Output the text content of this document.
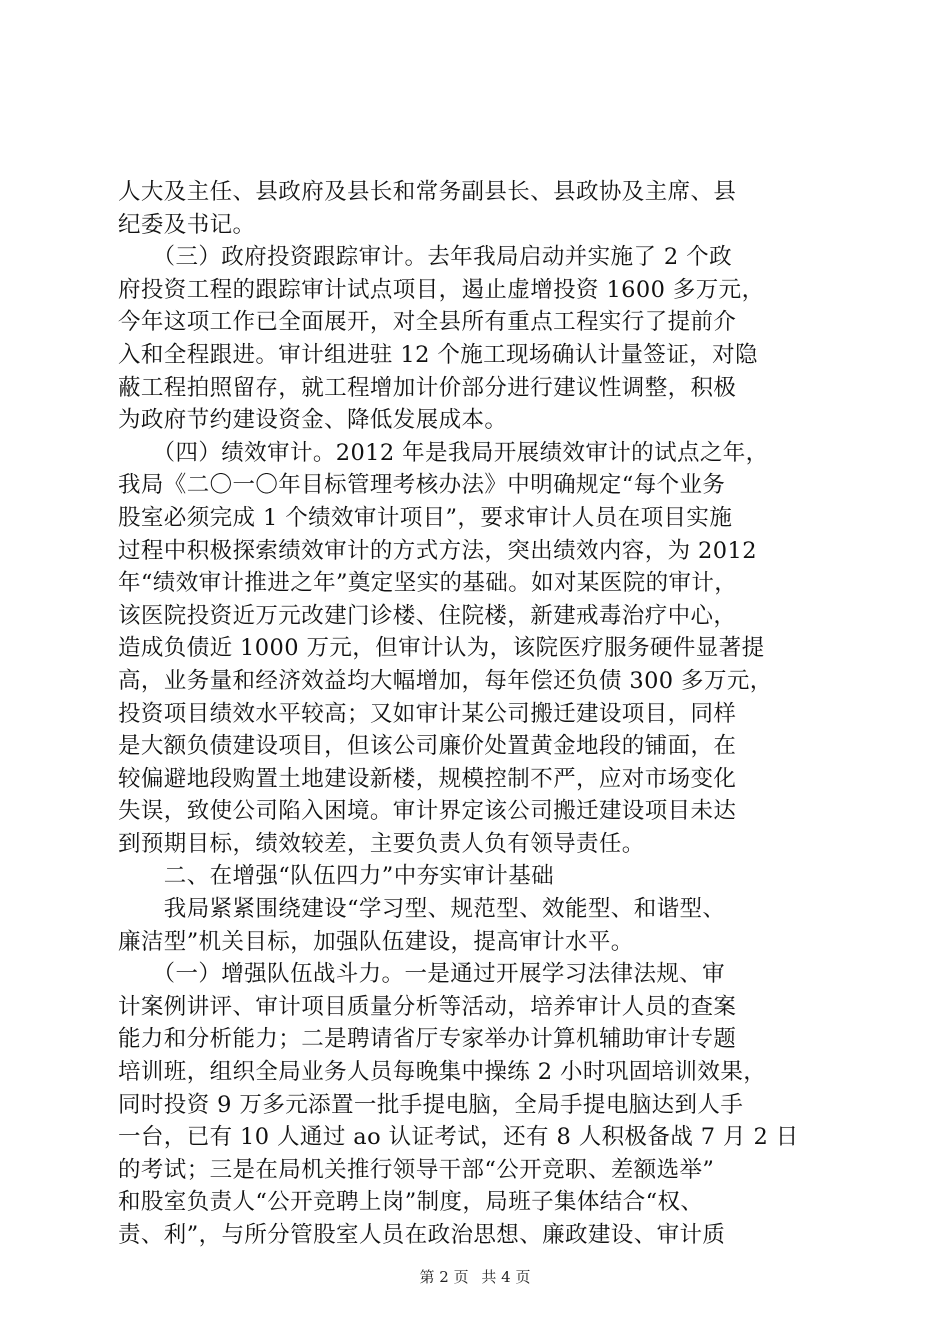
人大及主任、县政府及县长和常务副县长、县政协及主席、县
纪委及书记。
　　（三）政府投资跟踪审计。去年我局启动并实施了 2 个政
府投资工程的跟踪审计试点项目，遏止虚增投资 1600 多万元，
今年这项工作已全面展开，对全县所有重点工程实行了提前介
入和全程跟进。审计组进驻 12 个施工现场确认计量签证，对隐
蔽工程拍照留存，就工程增加计价部分进行建议性调整，积极
为政府节约建设资金、降低发展成本。
　　（四）绩效审计。2012 年是我局开展绩效审计的试点之年，
我局《二〇一〇年目标管理考核办法》中明确规定“每个业务
股室必须完成 1 个绩效审计项目”，要求审计人员在项目实施
过程中积极探索绩效审计的方式方法，突出绩效内容，为 2012
年“绩效审计推进之年”奠定坚实的基础。如对某医院的审计，
该医院投资近万元改建门诊楼、住院楼，新建戒毒治疗中心，
造成负债近 1000 万元，但审计认为，该院医疗服务硬件显著提
高，业务量和经济效益均大幅增加，每年偿还负债 300 多万元，
投资项目绩效水平较高；又如审计某公司搬迁建设项目，同样
是大额负债建设项目，但该公司廉价处置黄金地段的铺面，在
较偏避地段购置土地建设新楼，规模控制不严，应对市场变化
失误，致使公司陷入困境。审计界定该公司搬迁建设项目未达
到预期目标，绩效较差，主要负责人负有领导责任。
　　二、在增强“队伍四力”中夯实审计基础
　　我局紧紧围绕建设“学习型、规范型、效能型、和谐型、
廉洁型”机关目标，加强队伍建设，提高审计水平。
　　（一）增强队伍战斗力。一是通过开展学习法律法规、审
计案例讲评、审计项目质量分析等活动，培养审计人员的查案
能力和分析能力；二是聘请省厅专家举办计算机辅助审计专题
培训班，组织全局业务人员每晚集中操练 2 小时巩固培训效果，
同时投资 9 万多元添置一批手提电脑，全局手提电脑达到人手
一台，已有 10 人通过 ao 认证考试，还有 8 人积极备战 7 月 2 日
的考试；三是在局机关推行领导干部“公开竞职、差额选举”
和股室负责人“公开竞聘上岗”制度，局班子集体结合“权、
责、利”，与所分管股室人员在政治思想、廉政建设、审计质
第 2 页 共 4 页
